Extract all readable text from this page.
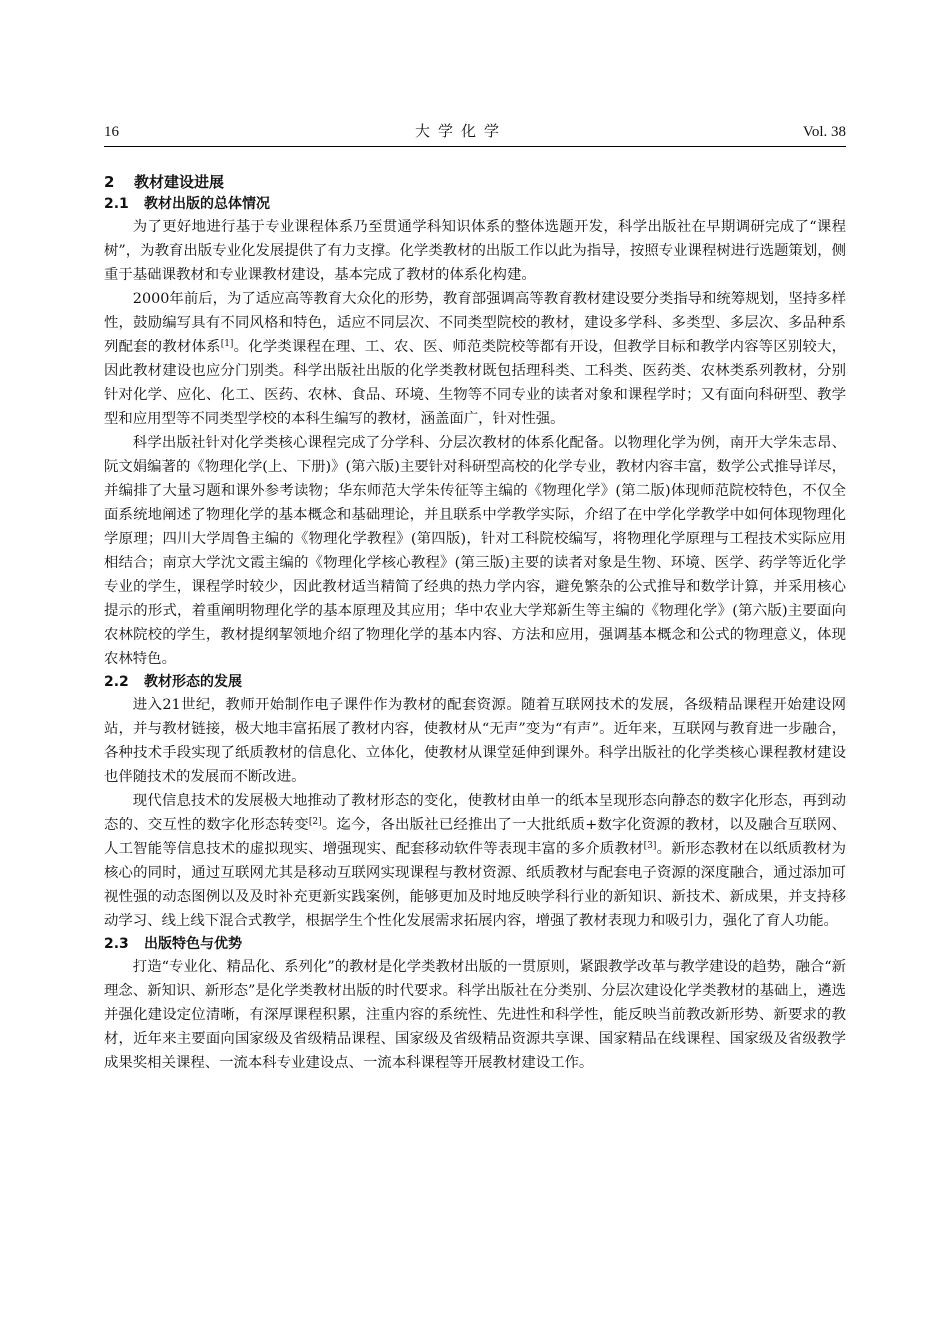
16	大学化学	Vol. 38

2 教材建设进展

2.1 教材出版的总体情况

为了更好地进行基于专业课程体系乃至贯通学科知识体系的整体选题开发，科学出版社在早期调研完成了“课程树”，为教育出版专业化发展提供了有力支撑。化学类教材的出版工作以此为指导，按照专业课程树进行选题策划，侧重于基础课教材和专业课教材建设，基本完成了教材的体系化构建。

2000年前后，为了适应高等教育大众化的形势，教育部强调高等教育教材建设要分类指导和统筹规划，坚持多样性，鼓励编写具有不同风格和特色，适应不同层次、不同类型院校的教材，建设多学科、多类型、多层次、多品种系列配套的教材体系[1]。化学类课程在理、工、农、医、师范类院校等都有开设，但教学目标和教学内容等区别较大，因此教材建设也应分门别类。科学出版社出版的化学类教材既包括理科类、工科类、医药类、农林类系列教材，分别针对化学、应化、化工、医药、农林、食品、环境、生物等不同专业的读者对象和课程学时；又有面向科研型、教学型和应用型等不同类型学校的本科生编写的教材，涵盖面广，针对性强。

科学出版社针对化学类核心课程完成了分学科、分层次教材的体系化配备。以物理化学为例，南开大学朱志昂、阮文娟编著的《物理化学(上、下册)》(第六版)主要针对科研型高校的化学专业，教材内容丰富，数学公式推导详尽，并编排了大量习题和课外参考读物；华东师范大学朱传征等主编的《物理化学》(第二版)体现师范院校特色，不仅全面系统地阐述了物理化学的基本概念和基础理论，并且联系中学教学实际，介绍了在中学化学教学中如何体现物理化学原理；四川大学周鲁主编的《物理化学教程》(第四版)，针对工科院校编写，将物理化学原理与工程技术实际应用相结合；南京大学沈文霞主编的《物理化学核心教程》(第三版)主要的读者对象是生物、环境、医学、药学等近化学专业的学生，课程学时较少，因此教材适当精简了经典的热力学内容，避免繁杂的公式推导和数学计算，并采用核心提示的形式，着重阐明物理化学的基本原理及其应用；华中农业大学郑新生等主编的《物理化学》(第六版)主要面向农林院校的学生，教材提纲挈领地介绍了物理化学的基本内容、方法和应用，强调基本概念和公式的物理意义，体现农林特色。

2.2 教材形态的发展

进入21世纪，教师开始制作电子课件作为教材的配套资源。随着互联网技术的发展，各级精品课程开始建设网站，并与教材链接，极大地丰富拓展了教材内容，使教材从“无声”变为“有声”。近年来，互联网与教育进一步融合，各种技术手段实现了纸质教材的信息化、立体化，使教材从课堂延伸到课外。科学出版社的化学类核心课程教材建设也伴随技术的发展而不断改进。

现代信息技术的发展极大地推动了教材形态的变化，使教材由单一的纸本呈现形态向静态的数字化形态，再到动态的、交互性的数字化形态转变[2]。迄今，各出版社已经推出了一大批纸质+数字化资源的教材，以及融合互联网、人工智能等信息技术的虚拟现实、增强现实、配套移动软件等表现丰富的多介质教材[3]。新形态教材在以纸质教材为核心的同时，通过互联网尤其是移动互联网实现课程与教材资源、纸质教材与配套电子资源的深度融合，通过添加可视性强的动态图例以及及时补充更新实践案例，能够更加及时地反映学科行业的新知识、新技术、新成果，并支持移动学习、线上线下混合式教学，根据学生个性化发展需求拓展内容，增强了教材表现力和吸引力，强化了育人功能。

2.3 出版特色与优势

打造“专业化、精品化、系列化”的教材是化学类教材出版的一贯原则，紧跟教学改革与教学建设的趋势，融合“新理念、新知识、新形态”是化学类教材出版的时代要求。科学出版社在分类别、分层次建设化学类教材的基础上，遴选并强化建设定位清晰，有深厚课程积累，注重内容的系统性、先进性和科学性，能反映当前教改新形势、新要求的教材，近年来主要面向国家级及省级精品课程、国家级及省级精品资源共享课、国家精品在线课程、国家级及省级教学成果奖相关课程、一流本科专业建设点、一流本科课程等开展教材建设工作。
